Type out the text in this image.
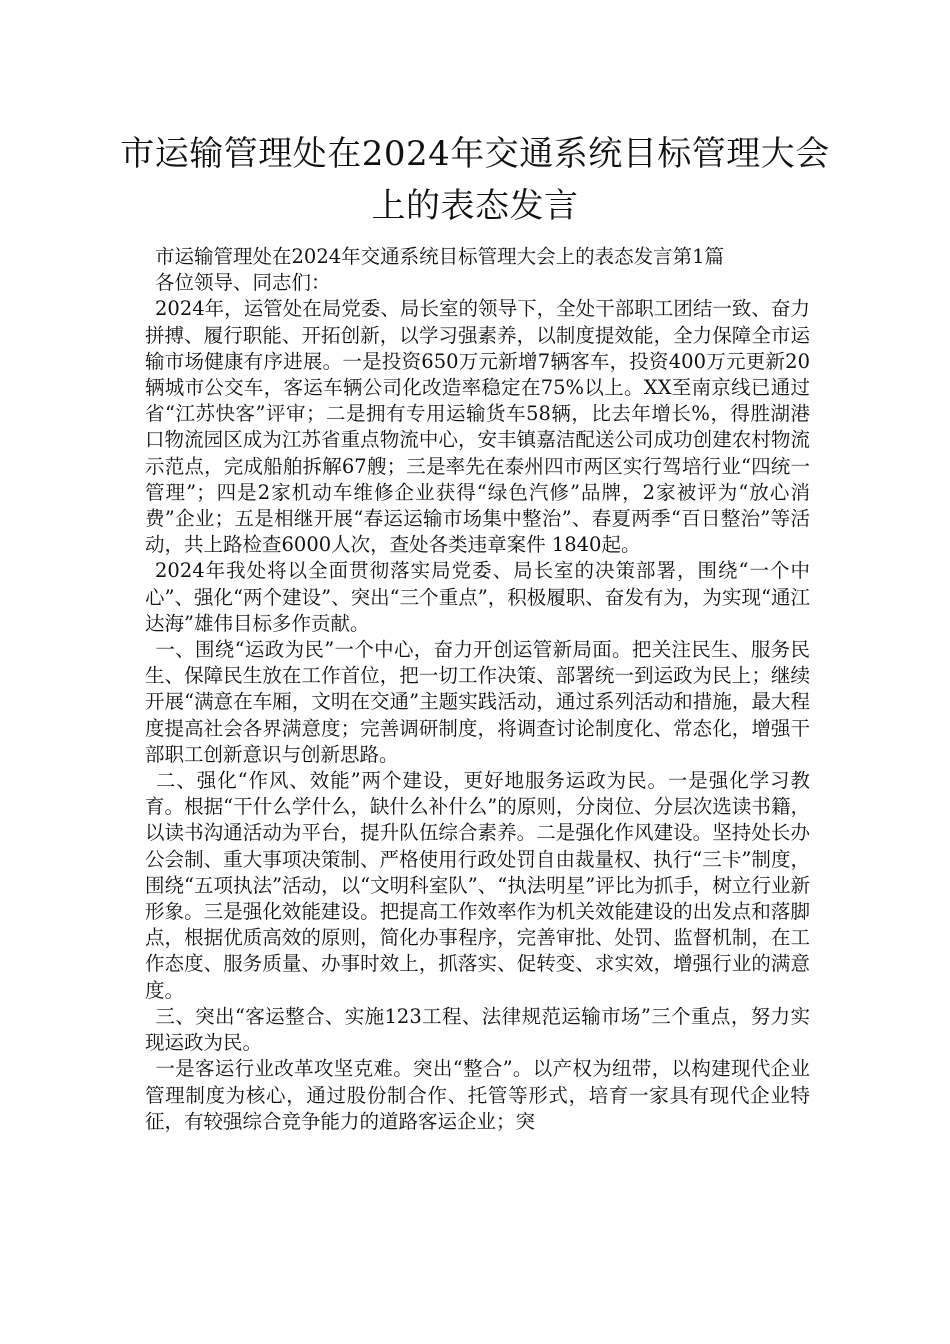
市运输管理处在2024年交通系统目标管理大会上的表态发言

市运输管理处在2024年交通系统目标管理大会上的表态发言第1篇

各位领导、同志们：

2024年，运管处在局党委、局长室的领导下，全处干部职工团结一致、奋力拼搏、履行职能、开拓创新，以学习强素养，以制度提效能，全力保障全市运输市场健康有序进展。一是投资650万元新增7辆客车，投资400万元更新20辆城市公交车，客运车辆公司化改造率稳定在75%以上。XX至南京线已通过省“江苏快客”评审；二是拥有专用运输货车58辆，比去年增长%，得胜湖港口物流园区成为江苏省重点物流中心，安丰镇嘉洁配送公司成功创建农村物流示范点，完成船舶拆解67艘；三是率先在泰州四市两区实行驾培行业“四统一管理”；四是2家机动车维修企业获得“绿色汽修”品牌，2家被评为“放心消费”企业；五是相继开展“春运运输市场集中整治”、春夏两季“百日整治”等活动，共上路检查6000人次，查处各类违章案件 1840起。

2024年我处将以全面贯彻落实局党委、局长室的决策部署，围绕“一个中心”、强化“两个建设”、突出“三个重点”，积极履职、奋发有为，为实现“通江达海”雄伟目标多作贡献。

一、围绕“运政为民”一个中心，奋力开创运管新局面。把关注民生、服务民生、保障民生放在工作首位，把一切工作决策、部署统一到运政为民上；继续开展“满意在车厢，文明在交通”主题实践活动，通过系列活动和措施，最大程度提高社会各界满意度；完善调研制度，将调查讨论制度化、常态化，增强干部职工创新意识与创新思路。

二、强化“作风、效能”两个建设，更好地服务运政为民。一是强化学习教育。根据“干什么学什么，缺什么补什么”的原则，分岗位、分层次选读书籍，以读书沟通活动为平台，提升队伍综合素养。二是强化作风建设。坚持处长办公会制、重大事项决策制、严格使用行政处罚自由裁量权、执行“三卡”制度，围绕“五项执法”活动，以“文明科室队”、“执法明星”评比为抓手，树立行业新形象。三是强化效能建设。把提高工作效率作为机关效能建设的出发点和落脚点，根据优质高效的原则，简化办事程序，完善审批、处罚、监督机制，在工作态度、服务质量、办事时效上，抓落实、促转变、求实效，增强行业的满意度。

三、突出“客运整合、实施123工程、法律规范运输市场”三个重点，努力实现运政为民。

一是客运行业改革攻坚克难。突出“整合”。以产权为纽带，以构建现代企业管理制度为核心，通过股份制合作、托管等形式，培育一家具有现代企业特征，有较强综合竞争能力的道路客运企业；突
